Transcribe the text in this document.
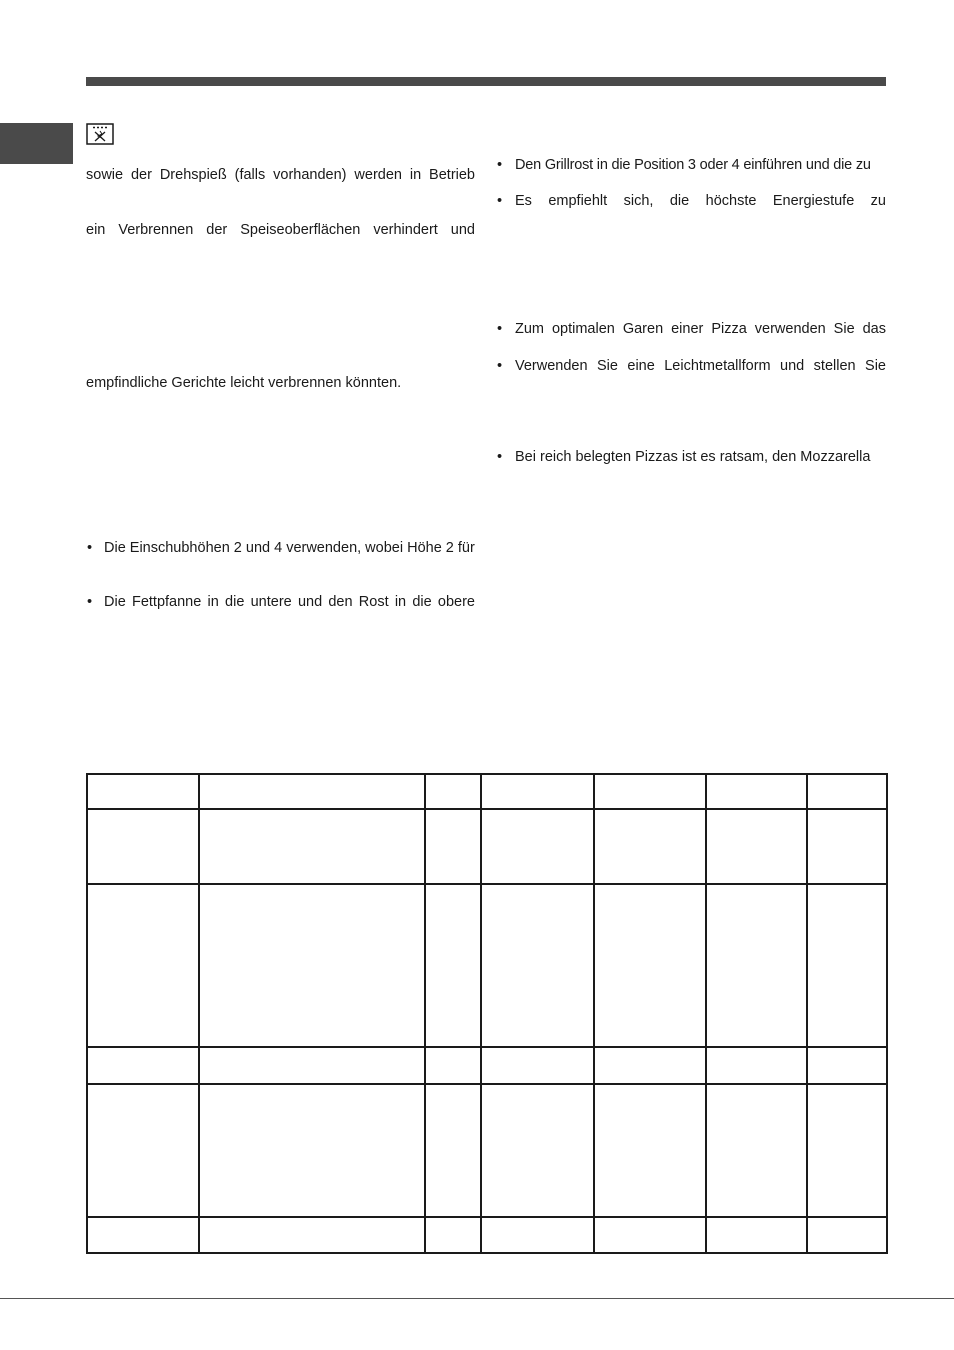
sowie der Drehspieß (falls vorhanden) werden in Betrieb
ein Verbrennen der Speiseoberflächen verhindert und
empfindliche Gerichte leicht verbrennen könnten.
• Die Einschubhöhen 2 und 4 verwenden, wobei Höhe 2 für
• Die Fettpfanne in die untere und den Rost in die obere
• Den Grillrost in die Position 3 oder 4 einführen und die zu
• Es empfiehlt sich, die höchste Energiestufe zu
• Zum optimalen Garen einer Pizza verwenden Sie das
• Verwenden Sie eine Leichtmetallform und stellen Sie
• Bei reich belegten Pizzas ist es ratsam, den Mozzarella
